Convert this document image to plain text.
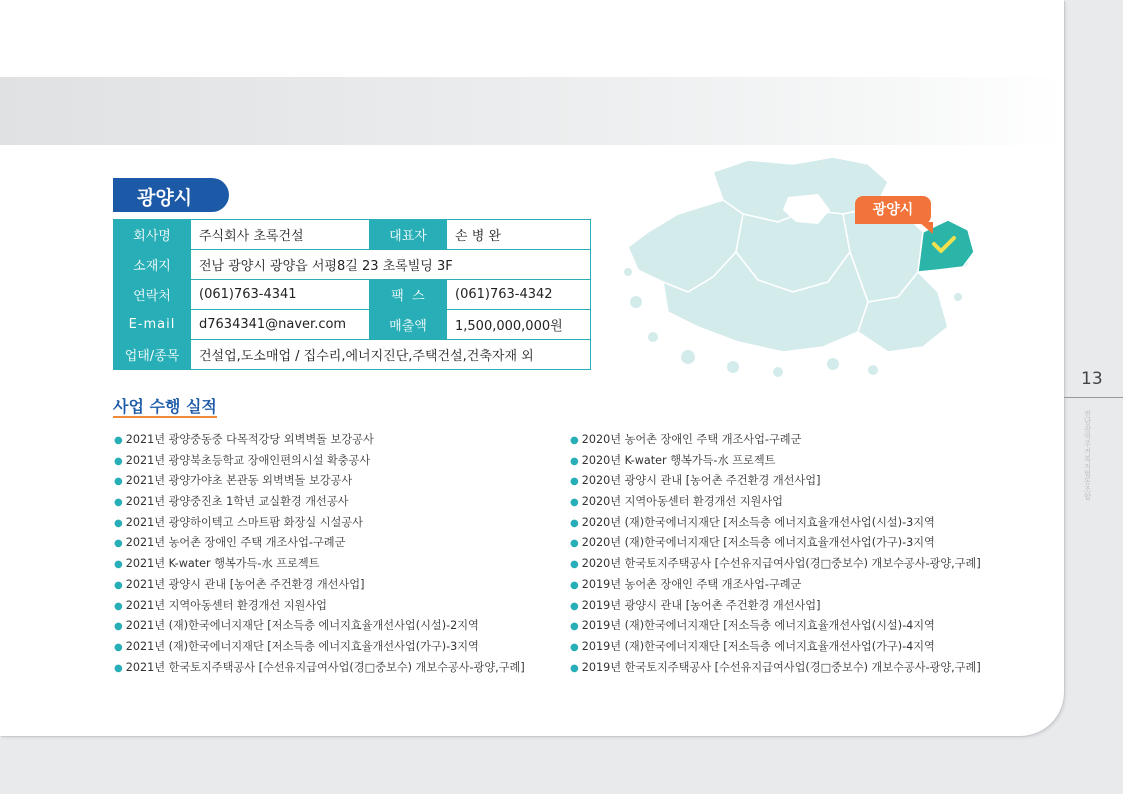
광양시
회사명	주식회사 초록건설	대표자	손 병 완
소재지	전남 광양시 광양읍 서평8길 23 초록빌딩 3F		
연락처	(061)763-4341	팩  스	(061)763-4342
E-mail	d7634341@naver.com	매출액	1,500,000,000원
업태/종목	건설업,도소매업 / 집수리,에너지진단,주택건설,건축자재 외		
사업 수행 실적
● 2021년 광양중동중 다목적강당 외벽벽돌 보강공사
● 2021년 광양북초등학교 장애인편의시설 확충공사
● 2021년 광양가야초 본관동 외벽벽돌 보강공사
● 2021년 광양중진초 1학년 교실환경 개선공사
● 2021년 광양하이텍고 스마트팜 화장실 시설공사
● 2021년 농어촌 장애인 주택 개조사업-구례군
● 2021년 K-water 행복가득-水 프로젝트
● 2021년 광양시 관내 [농어촌 주건환경 개선사업]
● 2021년 지역아동센터 환경개선 지원사업
● 2021년 (재)한국에너지재단 [저소득층 에너지효율개선사업(시설)-2지역
● 2021년 (재)한국에너지재단 [저소득층 에너지효율개선사업(가구)-3지역
● 2021년 한국토지주택공사 [수선유지급여사업(경□중보수) 개보수공사-광양,구례]
● 2020년 농어촌 장애인 주택 개조사업-구례군
● 2020년 K-water 행복가득-水 프로젝트
● 2020년 광양시 관내 [농어촌 주건환경 개선사업]
● 2020년 지역아동센터 환경개선 지원사업
● 2020년 (재)한국에너지재단 [저소득층 에너지효율개선사업(시설)-3지역
● 2020년 (재)한국에너지재단 [저소득층 에너지효율개선사업(가구)-3지역
● 2020년 한국토지주택공사 [수선유지급여사업(경□중보수) 개보수공사-광양,구례]
● 2019년 농어촌 장애인 주택 개조사업-구례군
● 2019년 광양시 관내 [농어촌 주건환경 개선사업]
● 2019년 (재)한국에너지재단 [저소득층 에너지효율개선사업(시설)-4지역
● 2019년 (재)한국에너지재단 [저소득층 에너지효율개선사업(가구)-4지역
● 2019년 한국토지주택공사 [수선유지급여사업(경□중보수) 개보수공사-광양,구례]
광양시
13
전남광역주거복지협동조합
